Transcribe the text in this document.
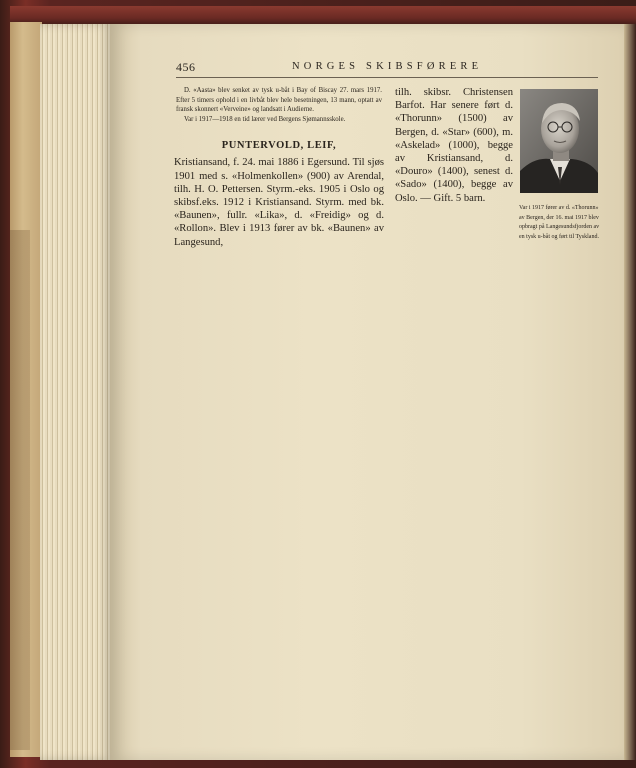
456	NORGES SKIBSFØRERE

D. «Aasta» blev senket av tysk u-båt i Bay of Biscay 27. mars 1917. Efter 5 timers ophold i en livbåt blev hele besetningen, 13 mann, optatt av fransk skonnert «Verveine» og landsatt i Audierne.

Var i 1917—1918 en tid lærer ved Bergens Sjømannsskole.

PUNTERVOLD, LEIF,

Kristiansand, f. 24. mai 1886 i Egersund. Til sjøs 1901 med s. «Holmenkollen» (900) av Arendal, tilh. H. O. Pettersen. Styrm.-eks. 1905 i Oslo og skibsf.eks. 1912 i Kristiansand. Styrm. med bk. «Baunen», fullr. «Lika», d. «Freidig» og d. «Rollon». Blev i 1913 fører av bk. «Baunen» av Langesund,

tilh. skibsr. Christensen Barfot. Har senere ført d. «Thorunn» (1500) av Bergen, d. «Star» (600), m. «Askelad» (1000), begge av Kristiansand, d. «Douro» (1400), senest d. «Sado» (1400), begge av Oslo. — Gift. 5 barn.

Var i 1917 fører av d. «Thorunn» av Bergen, der 16. mai 1917 blev opbragt på Langesundsfjorden av en tysk u-båt og ført til Tyskland.
